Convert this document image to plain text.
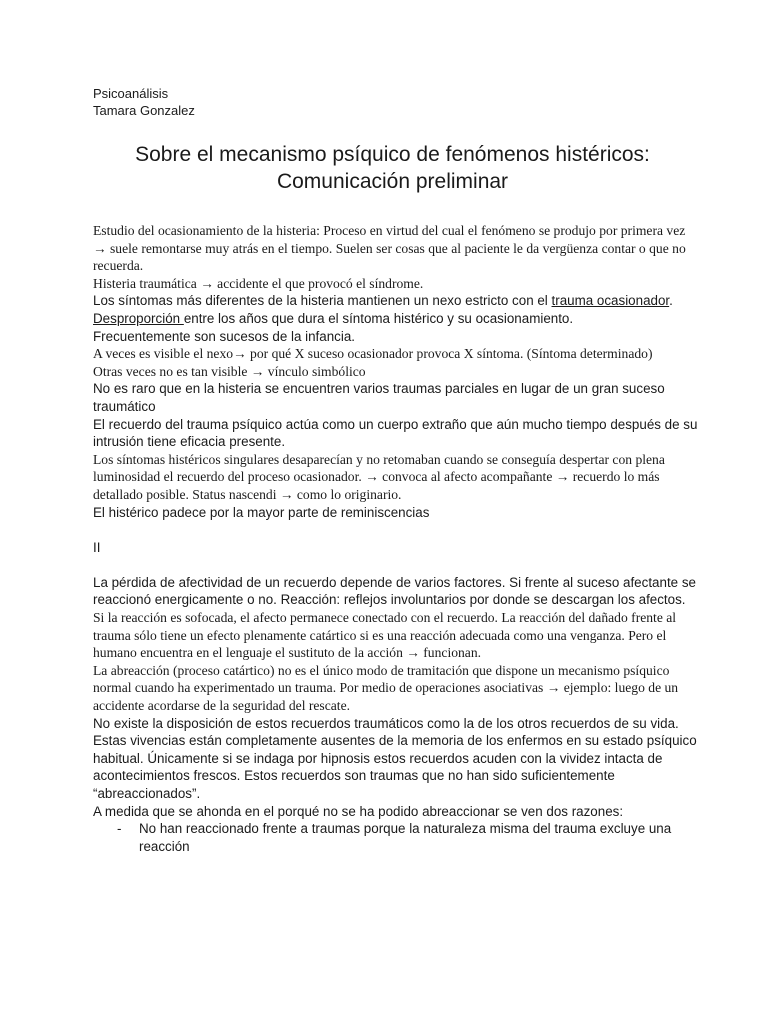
Psicoanálisis
Tamara Gonzalez
Sobre el mecanismo psíquico de fenómenos histéricos:
Comunicación preliminar

Estudio del ocasionamiento de la histeria: Proceso en virtud del cual el fenómeno se produjo por primera vez → suele remontarse muy atrás en el tiempo. Suelen ser cosas que al paciente le da vergüenza contar o que no recuerda.

Histeria traumática → accidente el que provocó el síndrome.

Los síntomas más diferentes de la histeria mantienen un nexo estricto con el trauma ocasionador.

Desproporción entre los años que dura el síntoma histérico y su ocasionamiento.

Frecuentemente son sucesos de la infancia.

A veces es visible el nexo→ por qué X suceso ocasionador provoca X síntoma. (Síntoma determinado)

Otras veces no es tan visible → vínculo simbólico

No es raro que en la histeria se encuentren varios traumas parciales en lugar de un gran suceso traumático

El recuerdo del trauma psíquico actúa como un cuerpo extraño que aún mucho tiempo después de su intrusión tiene eficacia presente.

Los síntomas histéricos singulares desaparecían y no retomaban cuando se conseguía despertar con plena luminosidad el recuerdo del proceso ocasionador. → convoca al afecto acompañante → recuerdo lo más detallado posible. Status nascendi → como lo originario.

El histérico padece por la mayor parte de reminiscencias

II

La pérdida de afectividad de un recuerdo depende de varios factores. Si frente al suceso afectante se reaccionó energicamente o no. Reacción: reflejos involuntarios por donde se descargan los afectos.

Si la reacción es sofocada, el afecto permanece conectado con el recuerdo. La reacción del dañado frente al trauma sólo tiene un efecto plenamente catártico si es una reacción adecuada como una venganza. Pero el humano encuentra en el lenguaje el sustituto de la acción → funcionan.

La abreacción (proceso catártico) no es el único modo de tramitación que dispone un mecanismo psíquico normal cuando ha experimentado un trauma. Por medio de operaciones asociativas → ejemplo: luego de un accidente acordarse de la seguridad del rescate.

No existe la disposición de estos recuerdos traumáticos como la de los otros recuerdos de su vida. Estas vivencias están completamente ausentes de la memoria de los enfermos en su estado psíquico habitual. Únicamente si se indaga por hipnosis estos recuerdos acuden con la vividez intacta de acontecimientos frescos. Estos recuerdos son traumas que no han sido suficientemente “abreaccionados”.

A medida que se ahonda en el porqué no se ha podido abreaccionar se ven dos razones:

- No han reaccionado frente a traumas porque la naturaleza misma del trauma excluye una reacción
